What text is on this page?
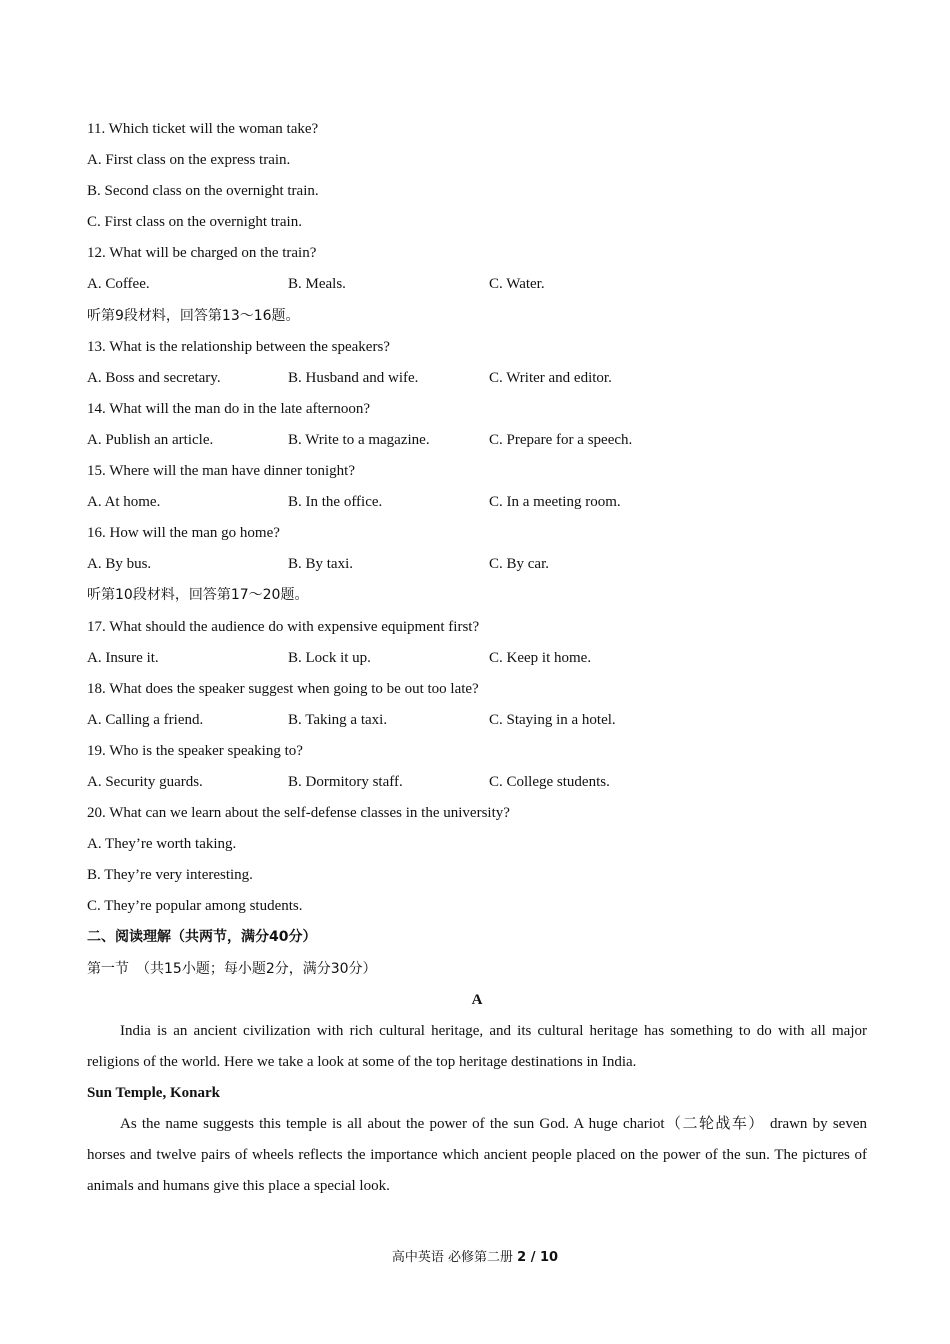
11. Which ticket will the woman take?
A. First class on the express train.
B. Second class on the overnight train.
C. First class on the overnight train.
12. What will be charged on the train?
A. Coffee.	B. Meals.	C. Water.
听第9段材料，回答第13～16题。
13. What is the relationship between the speakers?
A. Boss and secretary.	B. Husband and wife.	C. Writer and editor.
14. What will the man do in the late afternoon?
A. Publish an article.	B. Write to a magazine.	C. Prepare for a speech.
15. Where will the man have dinner tonight?
A. At home.	B. In the office.	C. In a meeting room.
16. How will the man go home?
A. By bus.	B. By taxi.	C. By car.
听第10段材料，回答第17～20题。
17. What should the audience do with expensive equipment first?
A. Insure it.	B. Lock it up.	C. Keep it home.
18. What does the speaker suggest when going to be out too late?
A. Calling a friend.	B. Taking a taxi.	C. Staying in a hotel.
19. Who is the speaker speaking to?
A. Security guards.	B. Dormitory staff.	C. College students.
20. What can we learn about the self-defense classes in the university?
A. They’re worth taking.
B. They’re very interesting.
C. They’re popular among students.
二、阅读理解（共两节，满分40分）
第一节　（共15小题；每小题2分，满分30分）
A

India is an ancient civilization with rich cultural heritage, and its cultural heritage has something to do with all major religions of the world. Here we take a look at some of the top heritage destinations in India.

Sun Temple, Konark

As the name suggests this temple is all about the power of the sun God. A huge chariot（二轮战车） drawn by seven horses and twelve pairs of wheels reflects the importance which ancient people placed on the power of the sun. The pictures of animals and humans give this place a special look.

高中英语 必修第二册 2 / 10
